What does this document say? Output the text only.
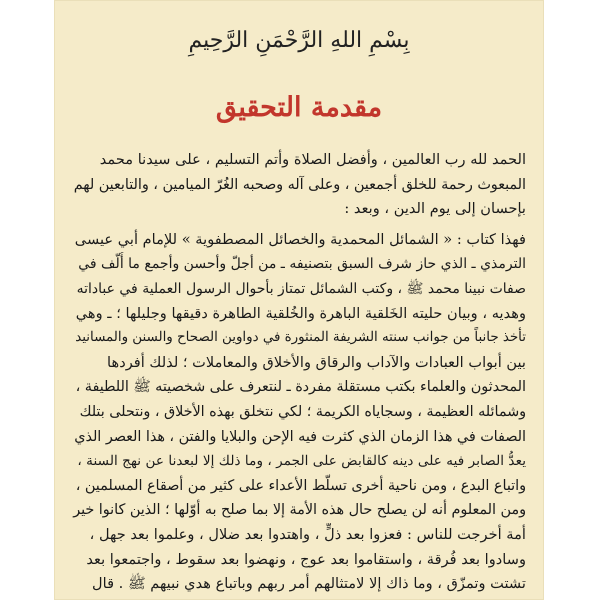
بِسْمِ اللهِ الرَّحْمَنِ الرَّحِيمِ
مقدمة التحقيق

الحمد لله رب العالمين ، وأفضل الصلاة وأتم التسليم ، على سيدنا محمد
المبعوث رحمة للخلق أجمعين ، وعلى آله وصحبه الغُرّ الميامين ، والتابعين لهم
بإحسان إلى يوم الدين ، وبعد :

فهذا كتاب : « الشمائل المحمدية والخصائل المصطفوية » للإمام أبي عيسى
الترمذي ـ الذي حاز شرف السبق بتصنيفه ـ من أجلّ وأحسن وأجمع ما أُلّف في
صفات نبينا محمد ﷺ ، وكتب الشمائل تمتاز بأحوال الرسول العملية في عباداته
وهديه ، وبيان حليته الخَلقية الباهرة والخُلقية الطاهرة دقيقها وجليلها ؛ ـ وهي
تأخذ جانباً من جوانب سنته الشريفة المنثورة في دواوين الصحاح والسنن والمسانيد
بين أبواب العبادات والآداب والرقاق والأخلاق والمعاملات ؛ لذلك أفردها
المحدثون والعلماء بكتب مستقلة مفردة ـ لنتعرف على شخصيته ﷺ اللطيفة ،
وشمائله العظيمة ، وسجاياه الكريمة ؛ لكي نتخلق بهذه الأخلاق ، ونتحلى بتلك
الصفات في هذا الزمان الذي كثرت فيه الإحن والبلايا والفتن ، هذا العصر الذي
يعدُّ الصابر فيه على دينه كالقابض على الجمر ، وما ذلك إلا لبعدنا عن نهج السنة ،
واتباع البدع ، ومن ناحية أخرى تسلّط الأعداء على كثير من أصقاع المسلمين ،
ومن المعلوم أنه لن يصلح حال هذه الأمة إلا بما صلح به أوّلها ؛ الذين كانوا خير
أمة أخرجت للناس : فعزوا بعد ذلٍّ ، واهتدوا بعد ضلال ، وعلموا بعد جهل ،
وسادوا بعد فُرقة ، واستقاموا بعد عوج ، ونهضوا بعد سقوط ، واجتمعوا بعد
تشتت وتمزّق ، وما ذاك إلا لامتثالهم أمر ربهم وباتباع هدي نبيهم ﷺ . قال
